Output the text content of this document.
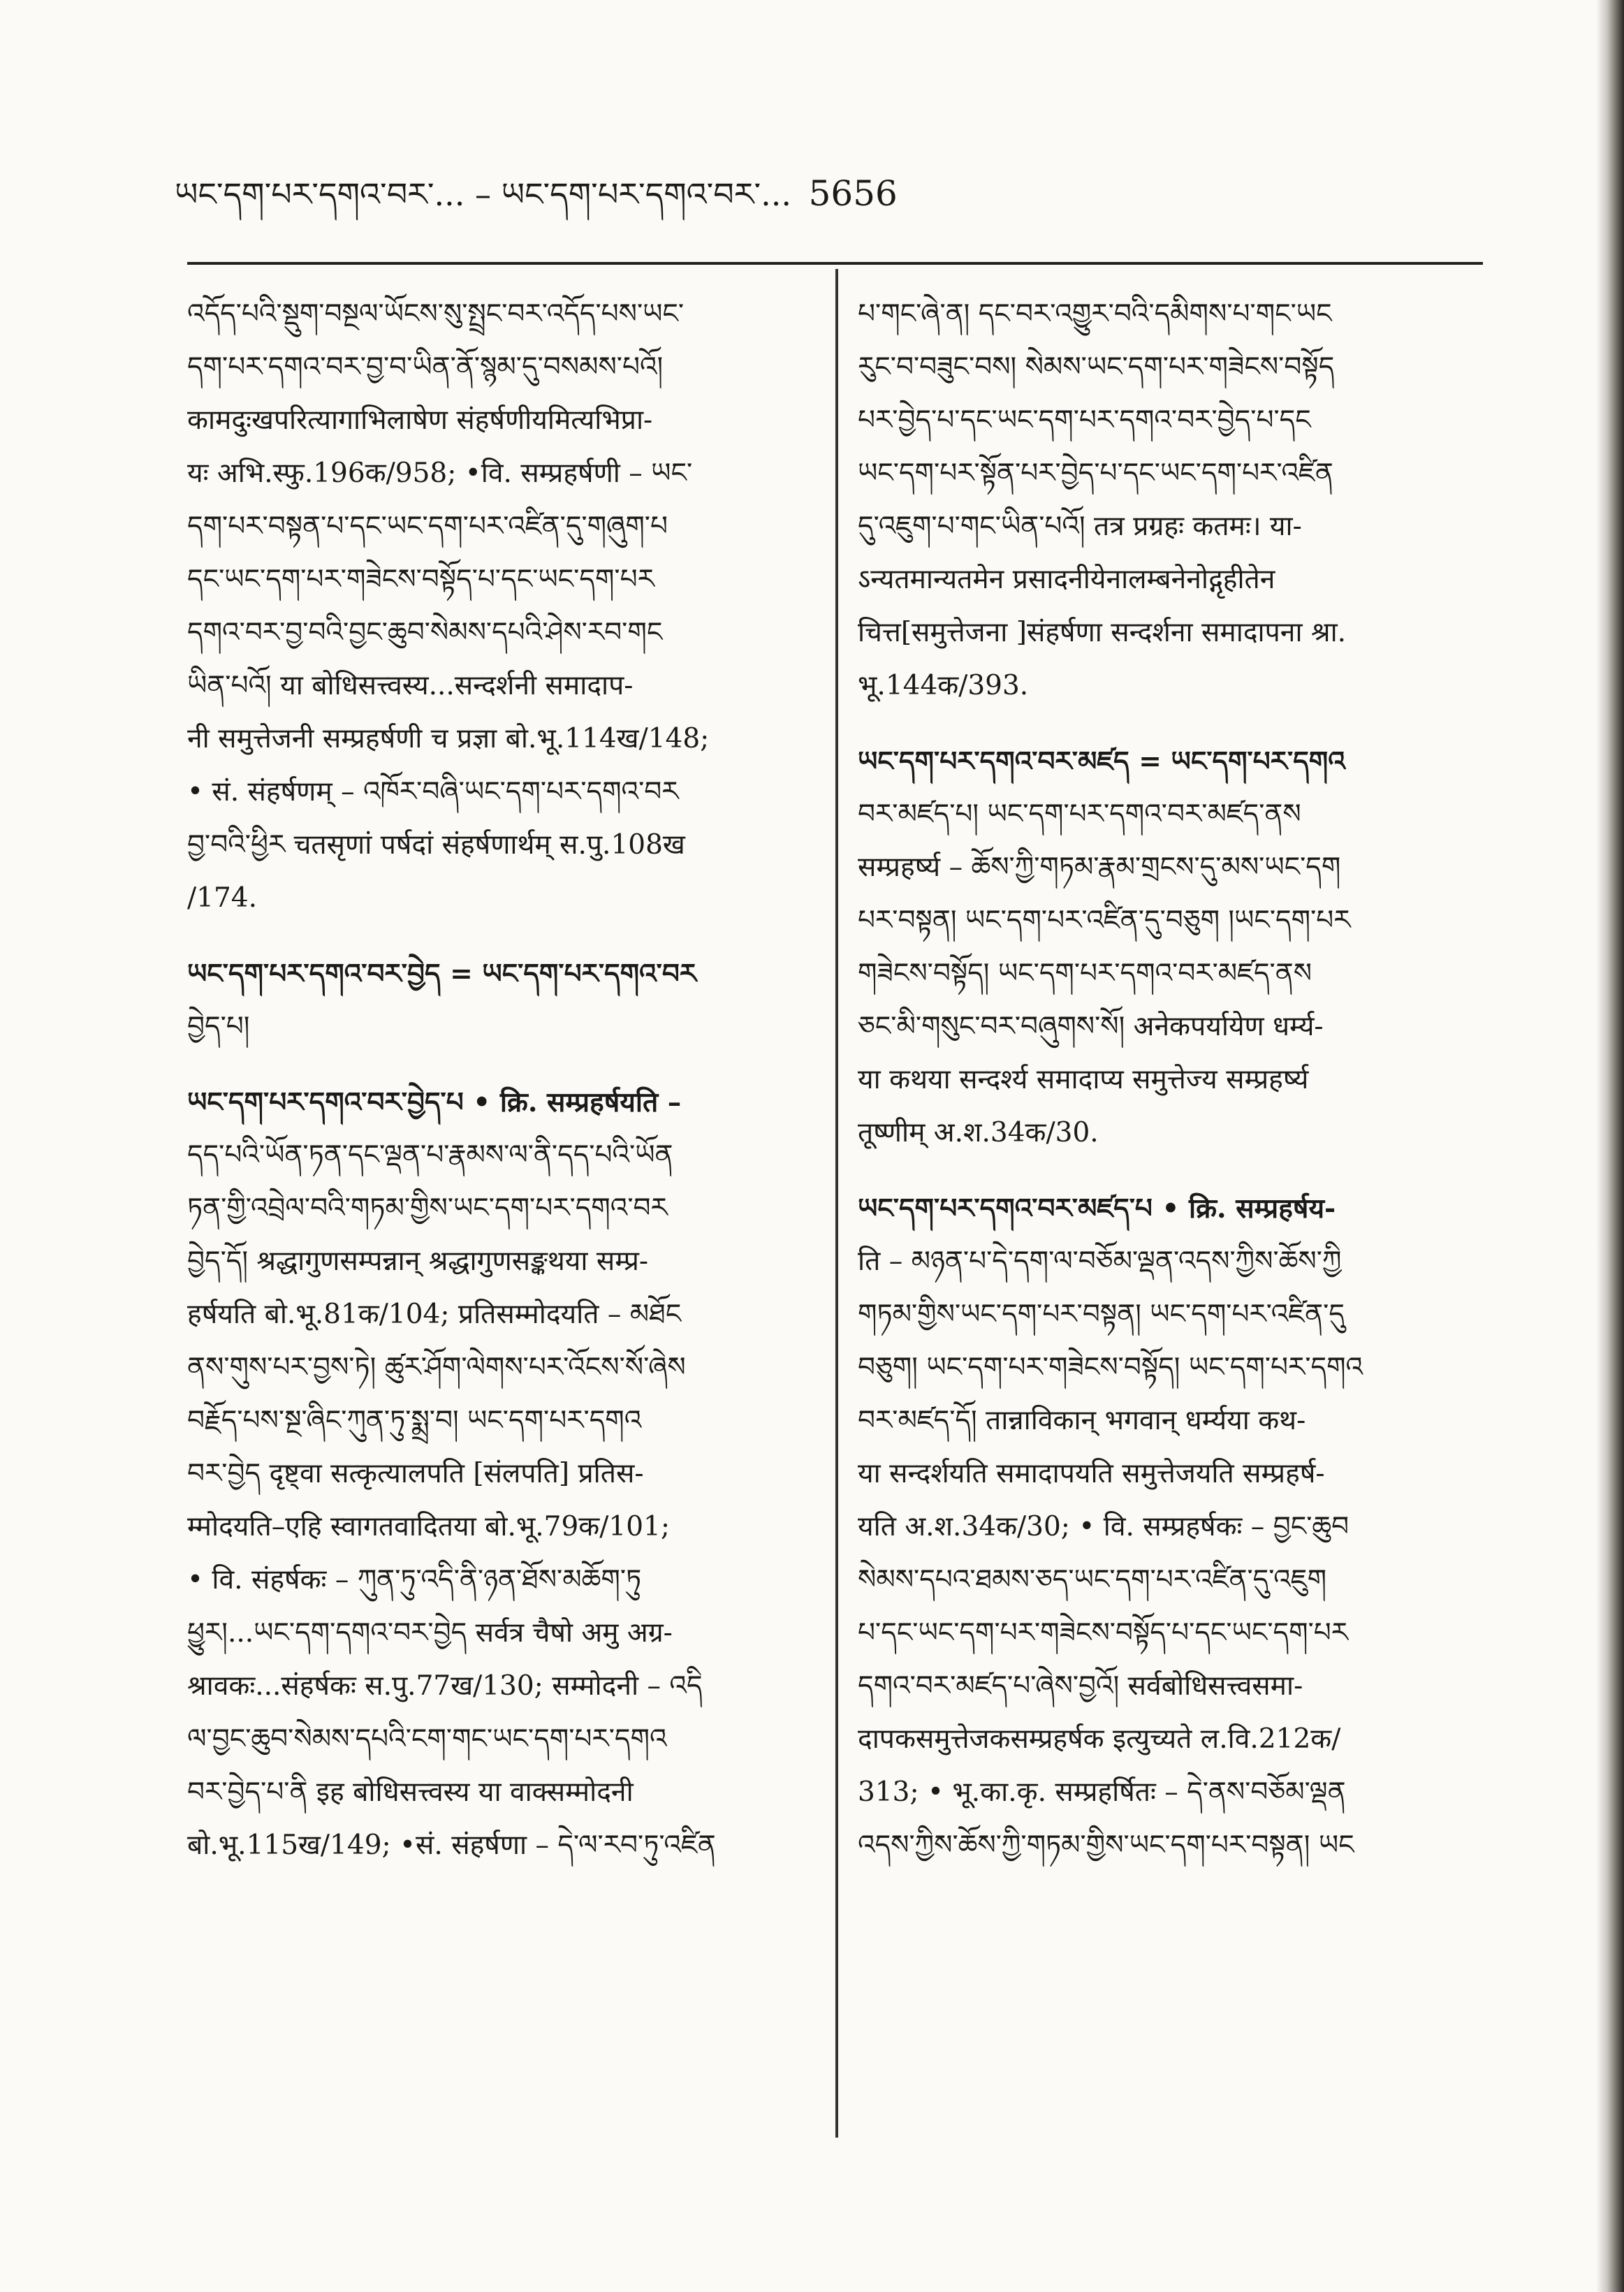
ཡང་དག་པར་དགའ་བར་... – ཡང་དག་པར་དགའ་བར་... 5656

འདོད་པའི་སྡུག་བསྔལ་ཡོངས་སུ་སྤྲང་བར་འདོད་པས་ཡང་

དག་པར་དགའ་བར་བྱ་བ་ཡིན་ནོ་སྙམ་དུ་བསམས་པའོ།

कामदुःखपरित्यागाभिलाषेण संहर्षणीयमित्यभिप्रा-

यः अभि.स्फु.196क/958; •वि. सम्प्रहर्षणी – ཡང་

དག་པར་བསྟན་པ་དང་ཡང་དག་པར་འཛིན་དུ་གཞུག་པ

དང་ཡང་དག་པར་གཟེངས་བསྟོད་པ་དང་ཡང་དག་པར

དགའ་བར་བྱ་བའི་བྱང་ཆུབ་སེམས་དཔའི་ཤེས་རབ་གང

ཡིན་པའོ། या बोधिसत्त्वस्य...सन्दर्शनी समादाप-

नी समुत्तेजनी सम्प्रहर्षणी च प्रज्ञा बो.भू.114ख/148;

• सं. संहर्षणम् – འཁོར་བཞི་ཡང་དག་པར་དགའ་བར

བྱ་བའི་ཕྱིར चतसृणां पर्षदां संहर्षणार्थम् स.पु.108ख

/174.

ཡང་དག་པར་དགའ་བར་བྱེད = ཡང་དག་པར་དགའ་བར

བྱེད་པ།

ཡང་དག་པར་དགའ་བར་བྱེད་པ • क्रि. सम्प्रहर्षयति –

དད་པའི་ཡོན་ཏན་དང་ལྡན་པ་རྣམས་ལ་ནི་དད་པའི་ཡོན

ཏན་གྱི་འབྲེལ་བའི་གཏམ་གྱིས་ཡང་དག་པར་དགའ་བར

བྱེད་དོ། श्रद्धागुणसम्पन्नान् श्रद्धागुणसङ्कथया सम्प्र-

हर्षयति बो.भू.81क/104; प्रतिसम्मोदयति – མཐོང

ནས་གུས་པར་བྱས་ཏེ། ཚུར་ཤོག་ལེགས་པར་འོངས་སོ་ཞེས

བརྗོད་པས་སྔ་ཞིང་ཀུན་ཏུ་སྨྲ་བ། ཡང་དག་པར་དགའ

བར་བྱེད दृष्ट्वा सत्कृत्यालपति [संलपति] प्रतिस-

म्मोदयति–एहि स्वागतवादितया बो.भू.79क/101;

• वि. संहर्षकः – ཀུན་ཏུ་འདི་ནི་ཉན་ཐོས་མཆོག་ཏུ

ཕྱུར།...ཡང་དག་དགའ་བར་བྱེད सर्वत्र चैषो अमु अग्र-

श्रावकः...संहर्षकः स.पु.77ख/130; सम्मोदनी – འདི

ལ་བྱང་ཆུབ་སེམས་དཔའི་ངག་གང་ཡང་དག་པར་དགའ

བར་བྱེད་པ་ནི इह बोधिसत्त्वस्य या वाक्सम्मोदनी

बो.भू.115ख/149; •सं. संहर्षणा – དེ་ལ་རབ་ཏུ་འཛིན

པ་གང་ཞེ་ན། དང་བར་འགྱུར་བའི་དམིགས་པ་གང་ཡང

རུང་བ་བཟུང་བས། སེམས་ཡང་དག་པར་གཟེངས་བསྟོད

པར་བྱེད་པ་དང་ཡང་དག་པར་དགའ་བར་བྱེད་པ་དང

ཡང་དག་པར་སྟོན་པར་བྱེད་པ་དང་ཡང་དག་པར་འཛིན

དུ་འཇུག་པ་གང་ཡིན་པའོ། तत्र प्रग्रहः कतमः। या-

ऽन्यतमान्यतमेन प्रसादनीयेनालम्बनेनोद्गृहीतेन

चित्त[समुत्तेजना ]संहर्षणा सन्दर्शना समादापना श्रा.

भू.144क/393.

ཡང་དག་པར་དགའ་བར་མཛད = ཡང་དག་པར་དགའ

བར་མཛད་པ། ཡང་དག་པར་དགའ་བར་མཛད་ནས

सम्प्रहर्ष्य – ཆོས་ཀྱི་གཏམ་རྣམ་གྲངས་དུ་མས་ཡང་དག

པར་བསྟན། ཡང་དག་པར་འཛིན་དུ་བཅུག །ཡང་དག་པར

གཟེངས་བསྟོད། ཡང་དག་པར་དགའ་བར་མཛད་ནས

ཅང་མི་གསུང་བར་བཞུགས་སོ། अनेकपर्यायेण धर्म्य-

या कथया सन्दर्श्य समादाप्य समुत्तेज्य सम्प्रहर्ष्य

तूष्णीम् अ.श.34क/30.

ཡང་དག་པར་དགའ་བར་མཛད་པ • क्रि. सम्प्रहर्षय-

ति – མཉན་པ་དེ་དག་ལ་བཅོམ་ལྡན་འདས་ཀྱིས་ཆོས་ཀྱི

གཏམ་གྱིས་ཡང་དག་པར་བསྟན། ཡང་དག་པར་འཛིན་དུ

བཅུག། ཡང་དག་པར་གཟེངས་བསྟོད། ཡང་དག་པར་དགའ

བར་མཛད་དོ། तान्नाविकान् भगवान् धर्म्यया कथ-

या सन्दर्शयति समादापयति समुत्तेजयति सम्प्रहर्ष-

यति अ.श.34क/30; • वि. सम्प्रहर्षकः – བྱང་ཆུབ

སེམས་དཔའ་ཐམས་ཅད་ཡང་དག་པར་འཛིན་དུ་འཇུག

པ་དང་ཡང་དག་པར་གཟེངས་བསྟོད་པ་དང་ཡང་དག་པར

དགའ་བར་མཛད་པ་ཞེས་བྱའོ། सर्वबोधिसत्त्वसमा-

दापकसमुत्तेजकसम्प्रहर्षक इत्युच्यते ल.वि.212क/

313; • भू.का.कृ. सम्प्रहर्षितः – དེ་ནས་བཅོམ་ལྡན

འདས་ཀྱིས་ཆོས་ཀྱི་གཏམ་གྱིས་ཡང་དག་པར་བསྟན། ཡང
